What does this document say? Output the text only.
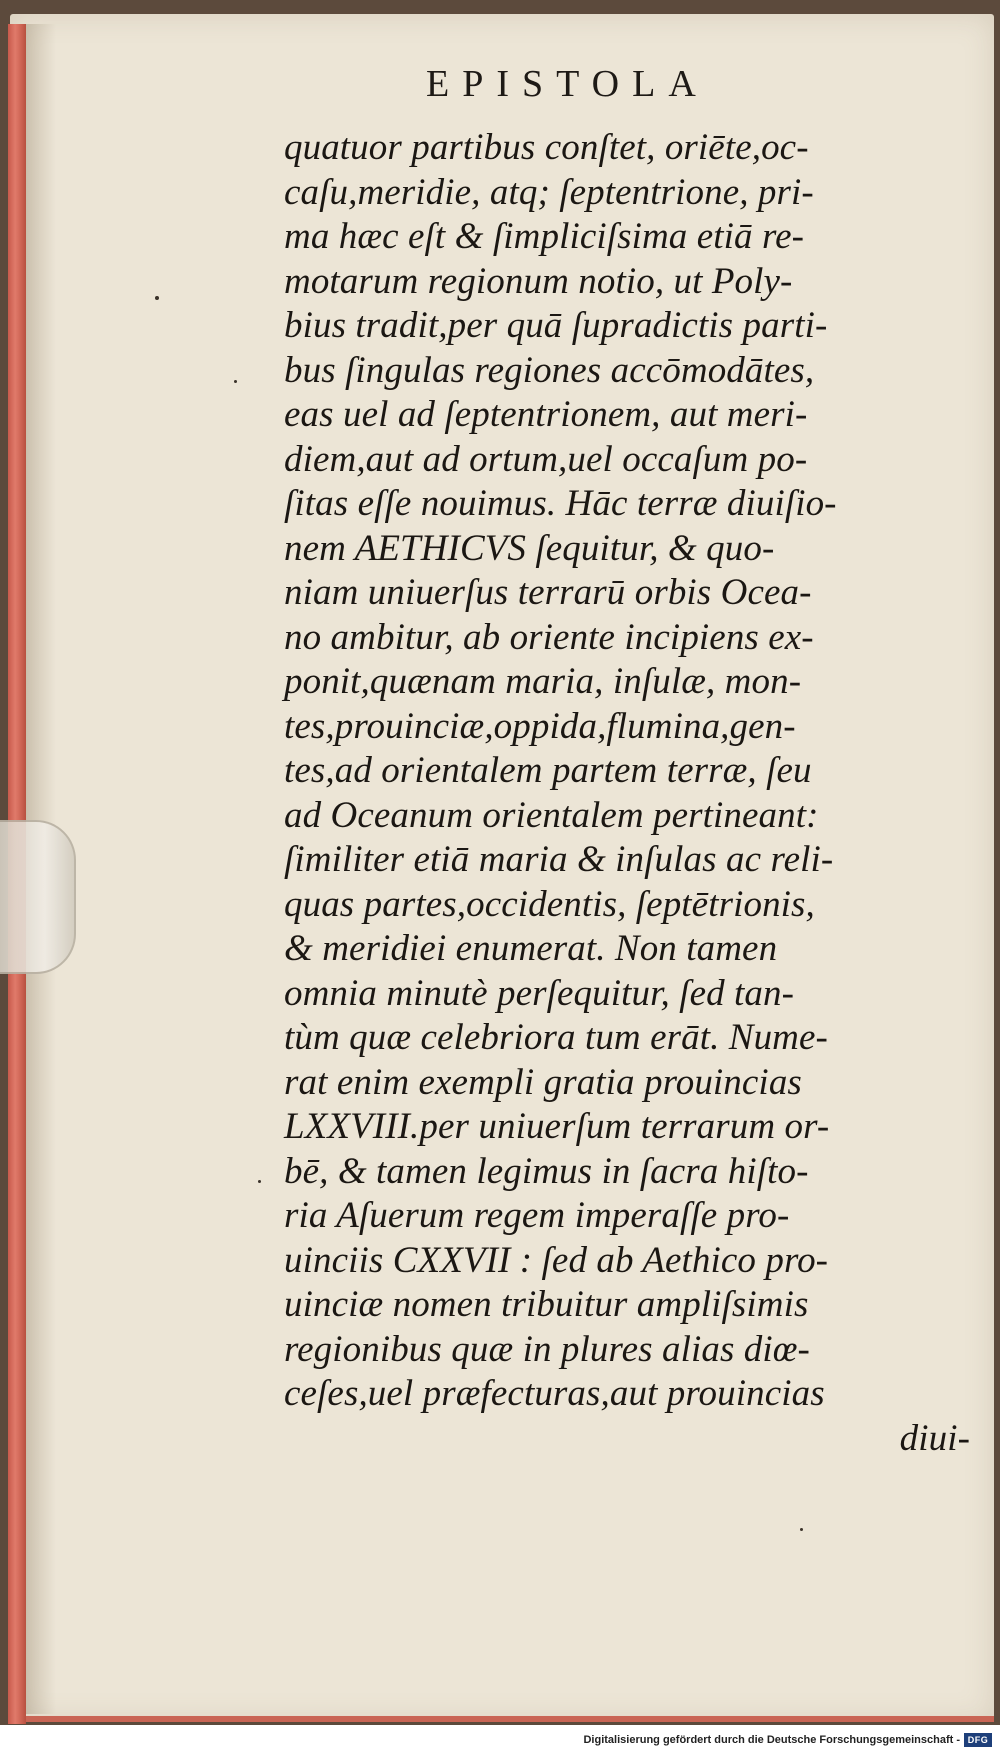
EPISTOLA
quatuor partibus conſtet, oriēte,oc-
caſu,meridie, atq; ſeptentrione, pri-
ma hæc eſt & ſimpliciſsima etiā re-
motarum regionum notio, ut Poly-
bius tradit,per quā ſupradictis parti-
bus ſingulas regiones accōmodātes,
eas uel ad ſeptentrionem, aut meri-
diem,aut ad ortum,uel occaſum po-
ſitas eſſe nouimus. Hāc terræ diuiſio-
nem AETHICVS ſequitur, & quo-
niam uniuerſus terrarū orbis Ocea-
no ambitur, ab oriente incipiens ex-
ponit,quænam maria, inſulæ, mon-
tes,prouinciæ,oppida,flumina,gen-
tes,ad orientalem partem terræ, ſeu
ad Oceanum orientalem pertineant:
ſimiliter etiā maria & inſulas ac reli-
quas partes,occidentis, ſeptētrionis,
& meridiei enumerat. Non tamen
omnia minutè perſequitur, ſed tan-
tùm quæ celebriora tum erāt. Nume-
rat enim exempli gratia prouincias
LXXVIII.per uniuerſum terrarum or-
bē, & tamen legimus in ſacra hiſto-
ria Aſuerum regem imperaſſe pro-
uinciis CXXVII : ſed ab Aethico pro-
uinciæ nomen tribuitur ampliſsimis
regionibus quæ in plures alias diœ-
ceſes,uel præfecturas,aut prouincias
diui-
Digitalisierung gefördert durch die Deutsche Forschungsgemeinschaft - DFG
